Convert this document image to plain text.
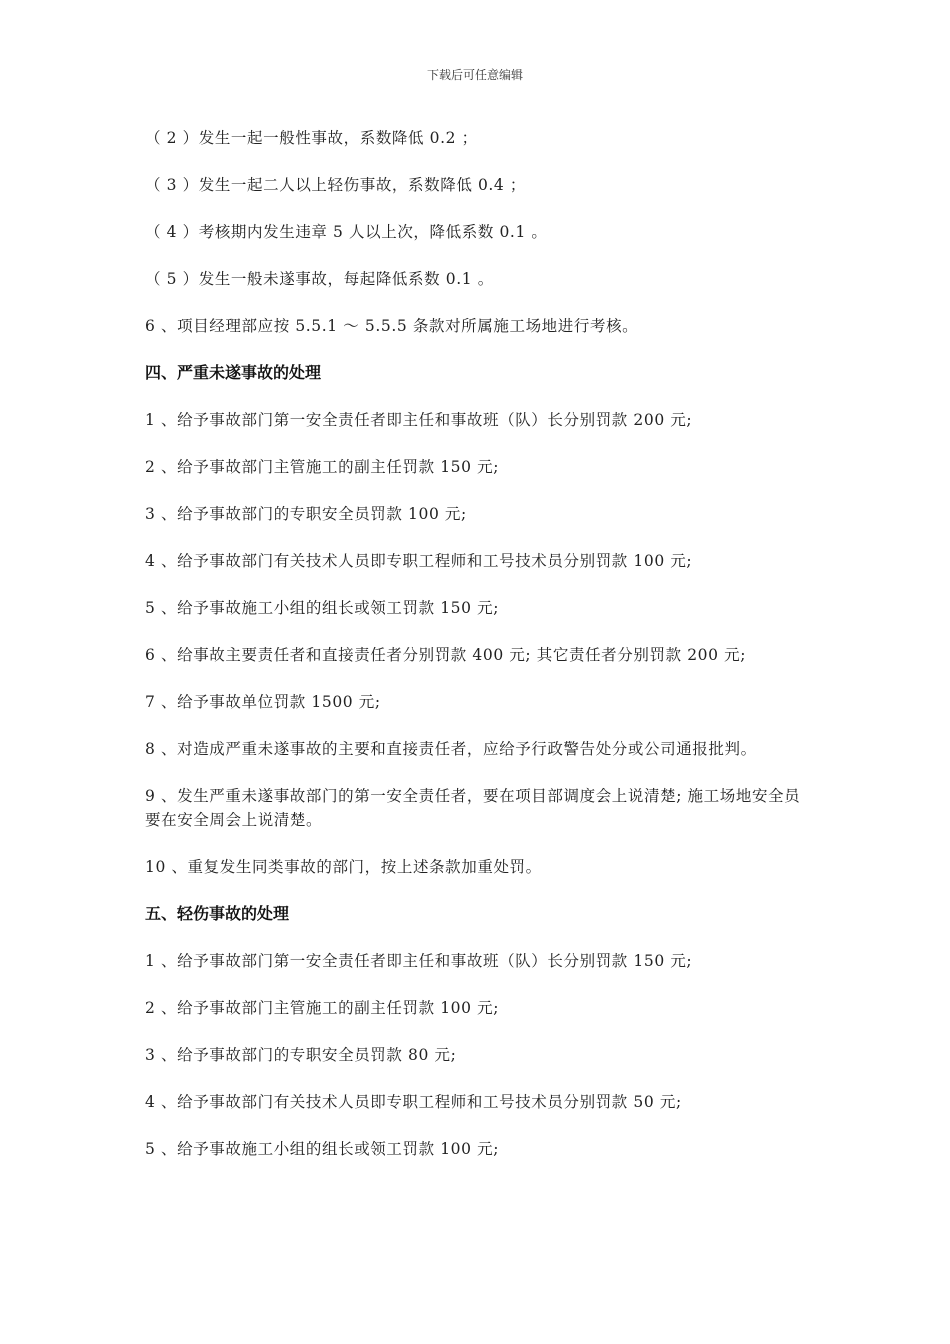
下载后可任意编辑

（ 2 ）发生一起一般性事故，系数降低 0.2 ；

（ 3 ）发生一起二人以上轻伤事故，系数降低 0.4 ；

（ 4 ）考核期内发生违章 5 人以上次，降低系数 0.1 。

（ 5 ）发生一般未遂事故，每起降低系数 0.1 。

6 、项目经理部应按 5.5.1 ～ 5.5.5 条款对所属施工场地进行考核。

四、严重未遂事故的处理

1 、给予事故部门第一安全责任者即主任和事故班（队）长分别罚款 200 元;

2 、给予事故部门主管施工的副主任罚款 150 元;

3 、给予事故部门的专职安全员罚款 100 元;

4 、给予事故部门有关技术人员即专职工程师和工号技术员分别罚款 100 元;

5 、给予事故施工小组的组长或领工罚款 150 元;

6 、给事故主要责任者和直接责任者分别罚款 400 元; 其它责任者分别罚款 200 元;

7 、给予事故单位罚款 1500 元;

8 、对造成严重未遂事故的主要和直接责任者，应给予行政警告处分或公司通报批判。

9 、发生严重未遂事故部门的第一安全责任者，要在项目部调度会上说清楚; 施工场地安全员要在安全周会上说清楚。

10 、重复发生同类事故的部门，按上述条款加重处罚。

五、轻伤事故的处理

1 、给予事故部门第一安全责任者即主任和事故班（队）长分别罚款 150 元;

2 、给予事故部门主管施工的副主任罚款 100 元;

3 、给予事故部门的专职安全员罚款 80 元;

4 、给予事故部门有关技术人员即专职工程师和工号技术员分别罚款 50 元;

5 、给予事故施工小组的组长或领工罚款 100 元;
